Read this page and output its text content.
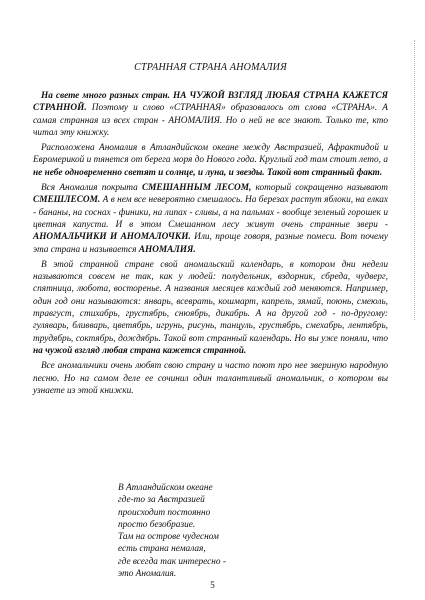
СТРАННАЯ СТРАНА АНОМАЛИЯ

На свете много разных стран. НА ЧУЖОЙ ВЗГЛЯД ЛЮБАЯ СТРАНА КАЖЕТСЯ СТРАННОЙ. Поэтому и слово «СТРАННАЯ» образовалось от слова «СТРАНА». А самая странная из всех стран - АНОМАЛИЯ. Но о ней не все знают. Только те, кто читал эту книжку.

Расположена Аномалия в Атландийском океане между Австразией, Афрактидой и Евромерикой и тянется от берега моря до Нового года. Круглый год там стоит лето, а не небе одновременно светят и солнце, и луна, и звезды. Такой вот странный факт.

Вся Аномалия покрыта СМЕШАННЫМ ЛЕСОМ, который сокращенно называют СМЕШЛЕСОМ. А в нем все невероятно смешалось. На березах растут яблоки, на елках - бананы, на соснах - финики, на липах - сливы, а на пальмах - вообще зеленый горошек и цветная капуста. И в этом Смешанном лесу живут очень странные звери - АНОМАЛЬЧИКИ И АНОМАЛОЧКИ. Или, проще говоря, разные помеси. Вот почему эта страна и называется АНОМАЛИЯ.

В этой странной стране свой аномальский календарь, в котором дни недели называются совсем не так, как у людей: полудельник, вздорник, сбреда, чудверг, спятница, любота, восторенье. А названия месяцев каждый год меняются. Например, один год они называются: январь, всеврать, кошмарт, капрель, зямай, поюнь, смеюль, травгуст, стихабрь, грустябрь, снюябрь, дикабрь. А на другой год - по-другому: гуляварь, бливварь, цветябрь, игрунь, рисунь, танцуль, грустябрь, смехабрь, лентябрь, трудябрь, соктябрь, дождябрь. Такой вот странный календарь. Но вы уже поняли, что на чужой взгляд любая страна кажется странной.

Все аномальчики очень любят свою страну и часто поют про нее звериную народную песню. Но на самом деле ее сочинил один талантливый аномальчик, о котором вы узнаете из этой книжки.

В Атландийском океане
где-то за Австразией
происходит постоянно
просто безобразие.
Там на острове чудесном
есть страна немалая,
где всегда так интересно -
это Аномалия.
5
